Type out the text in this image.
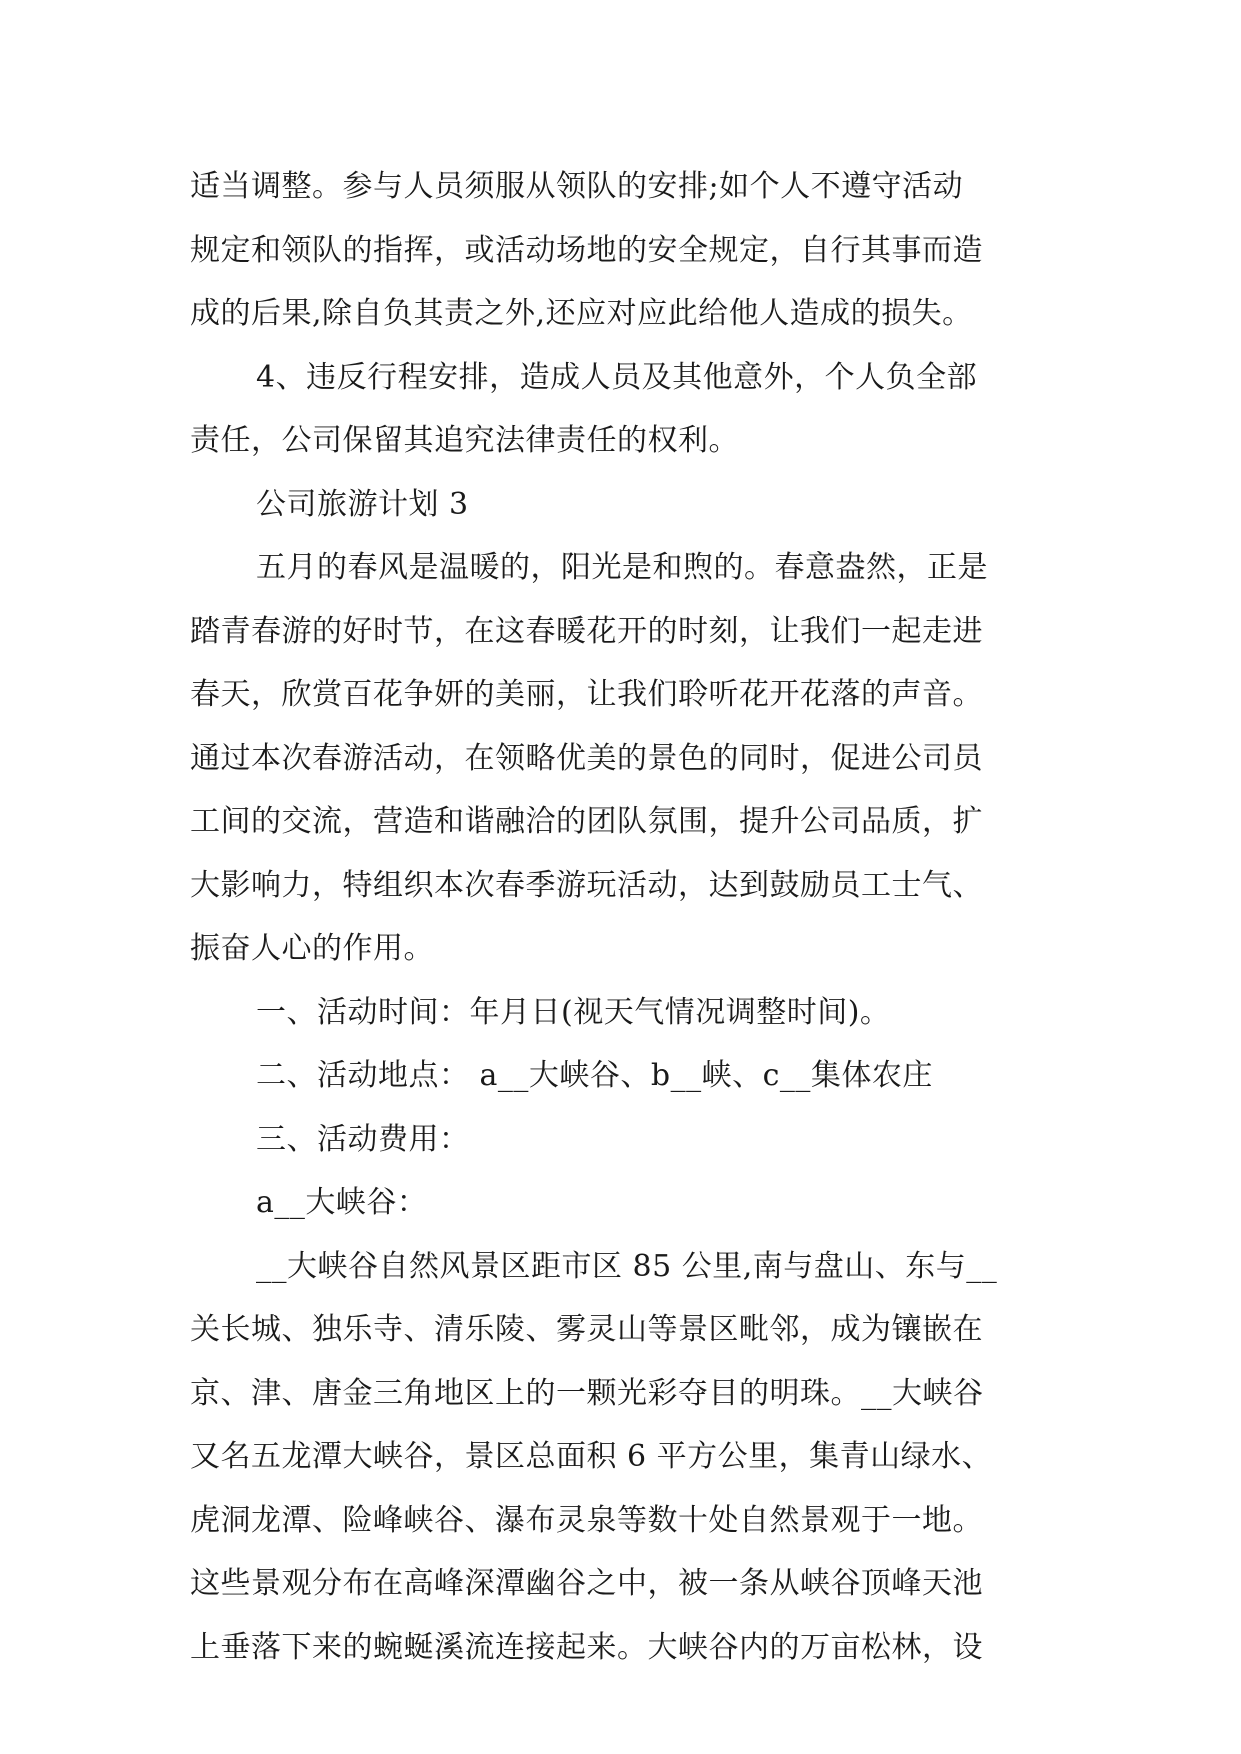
适当调整。参与人员须服从领队的安排;如个人不遵守活动
规定和领队的指挥，或活动场地的安全规定，自行其事而造
成的后果,除自负其责之外,还应对应此给他人造成的损失。
4、违反行程安排，造成人员及其他意外，个人负全部
责任，公司保留其追究法律责任的权利。
公司旅游计划 3
五月的春风是温暖的，阳光是和煦的。春意盎然，正是
踏青春游的好时节，在这春暖花开的时刻，让我们一起走进
春天，欣赏百花争妍的美丽，让我们聆听花开花落的声音。
通过本次春游活动，在领略优美的景色的同时，促进公司员
工间的交流，营造和谐融洽的团队氛围，提升公司品质，扩
大影响力，特组织本次春季游玩活动，达到鼓励员工士气、
振奋人心的作用。
一、活动时间：年月日(视天气情况调整时间)。
二、活动地点： a__大峡谷、b__峡、c__集体农庄
三、活动费用：
a__大峡谷：
__大峡谷自然风景区距市区 85 公里,南与盘山、东与__
关长城、独乐寺、清乐陵、雾灵山等景区毗邻，成为镶嵌在
京、津、唐金三角地区上的一颗光彩夺目的明珠。__大峡谷
又名五龙潭大峡谷，景区总面积 6 平方公里，集青山绿水、
虎洞龙潭、险峰峡谷、瀑布灵泉等数十处自然景观于一地。
这些景观分布在高峰深潭幽谷之中，被一条从峡谷顶峰天池
上垂落下来的蜿蜒溪流连接起来。大峡谷内的万亩松林，设
